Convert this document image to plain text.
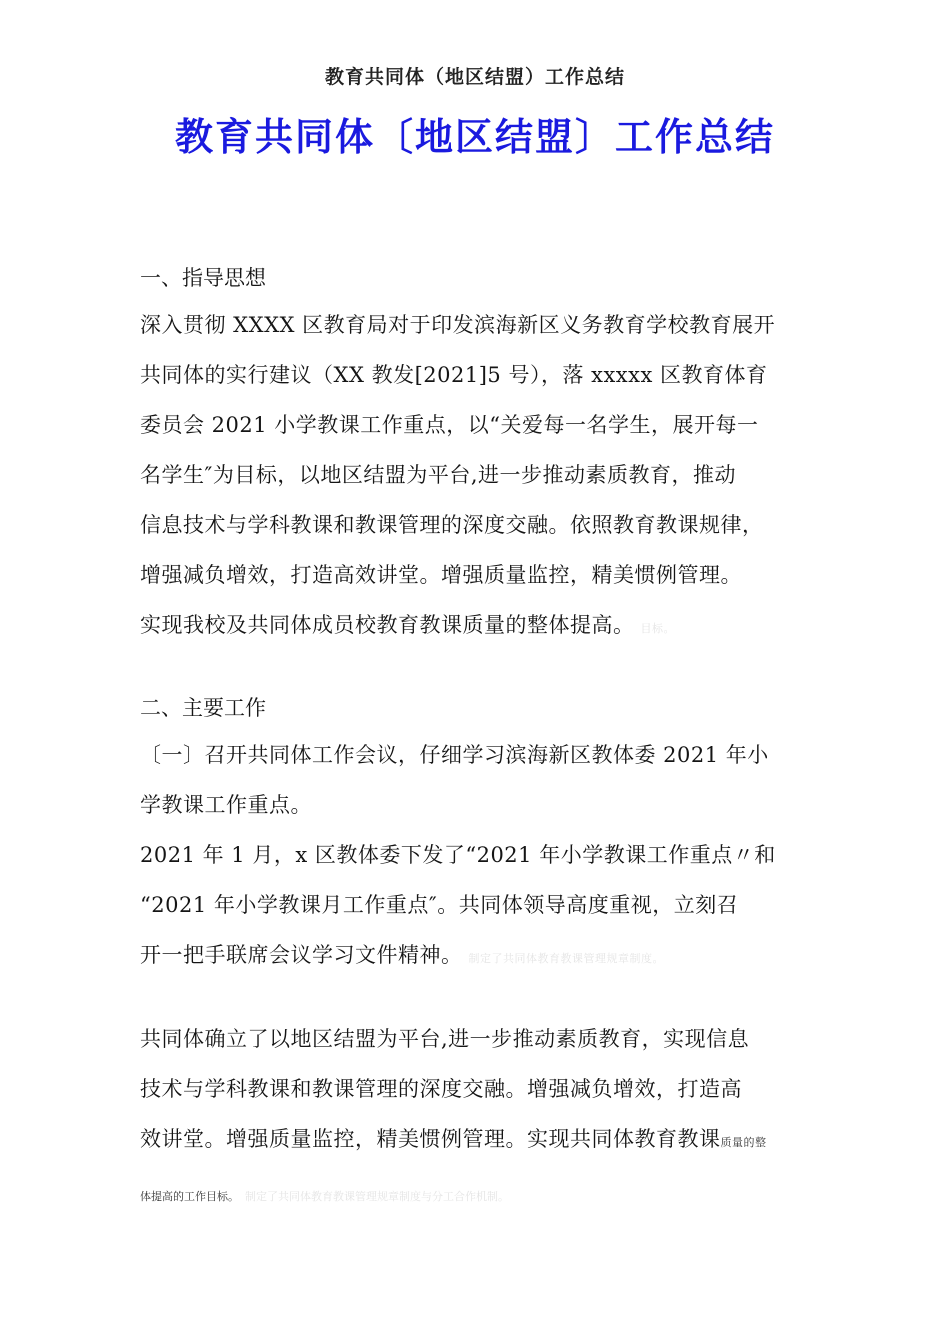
教育共同体（地区结盟）工作总结
教育共同体〔地区结盟〕工作总结
一、指导思想
深入贯彻 XXXX 区教育局对于印发滨海新区义务教育学校教育展开
共同体的实行建议（XX 教发[2021]5 号），落 xxxxx 区教育体育
委员会 2021 小学教课工作重点，以“关爱每一名学生，展开每一
名学生″为目标，以地区结盟为平台,进一步推动素质教育，推动
信息技术与学科教课和教课管理的深度交融。依照教育教课规律，
增强减负增效，打造高效讲堂。增强质量监控，精美惯例管理。
实现我校及共同体成员校教育教课质量的整体提高。 目标。
二、主要工作
〔一〕召开共同体工作会议，仔细学习滨海新区教体委 2021 年小
学教课工作重点。
2021 年 1 月，x 区教体委下发了“2021 年小学教课工作重点〃和
“2021 年小学教课月工作重点″。共同体领导高度重视，立刻召
开一把手联席会议学习文件精神。 制定了共同体教育教课管理规章制度。
共同体确立了以地区结盟为平台,进一步推动素质教育，实现信息
技术与学科教课和教课管理的深度交融。增强减负增效，打造高
效讲堂。增强质量监控，精美惯例管理。实现共同体教育教课质量的整
体提高的工作目标。 制定了共同体教育教课管理规章制度与分工合作机制。
